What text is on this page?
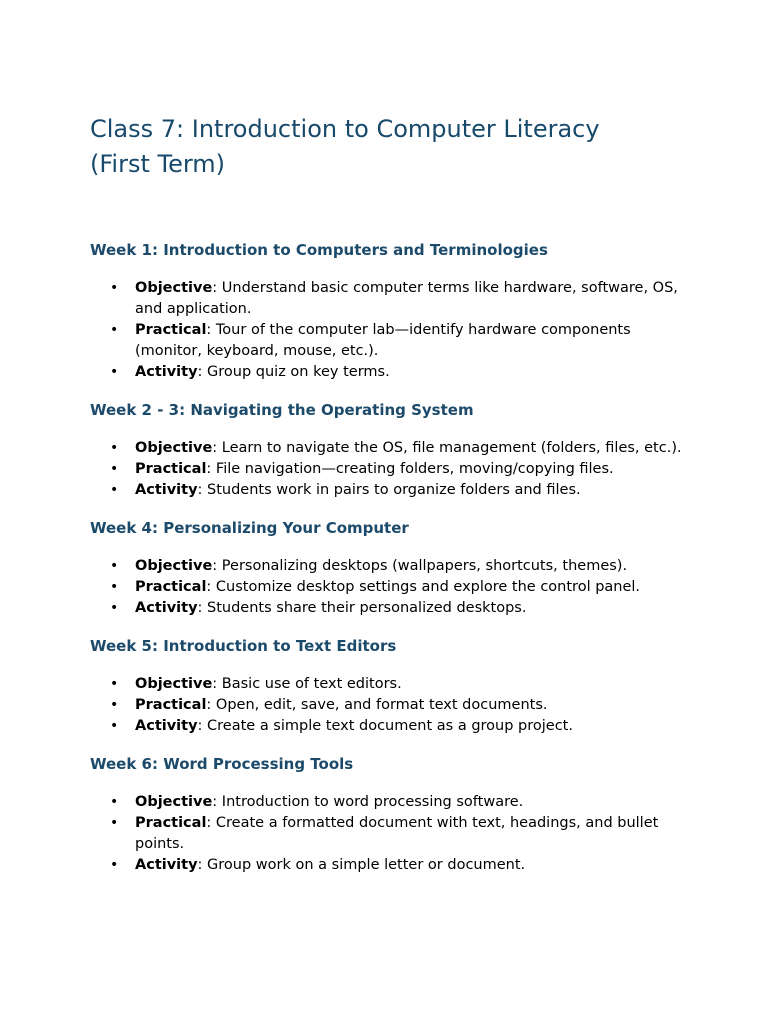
Class 7: Introduction to Computer Literacy
(First Term)
Week 1: Introduction to Computers and Terminologies
• Objective: Understand basic computer terms like hardware, software, OS, and application.
• Practical: Tour of the computer lab—identify hardware components (monitor, keyboard, mouse, etc.).
• Activity: Group quiz on key terms.
Week 2 - 3: Navigating the Operating System
• Objective: Learn to navigate the OS, file management (folders, files, etc.).
• Practical: File navigation—creating folders, moving/copying files.
• Activity: Students work in pairs to organize folders and files.
Week 4: Personalizing Your Computer
• Objective: Personalizing desktops (wallpapers, shortcuts, themes).
• Practical: Customize desktop settings and explore the control panel.
• Activity: Students share their personalized desktops.
Week 5: Introduction to Text Editors
• Objective: Basic use of text editors.
• Practical: Open, edit, save, and format text documents.
• Activity: Create a simple text document as a group project.
Week 6: Word Processing Tools
• Objective: Introduction to word processing software.
• Practical: Create a formatted document with text, headings, and bullet points.
• Activity: Group work on a simple letter or document.
